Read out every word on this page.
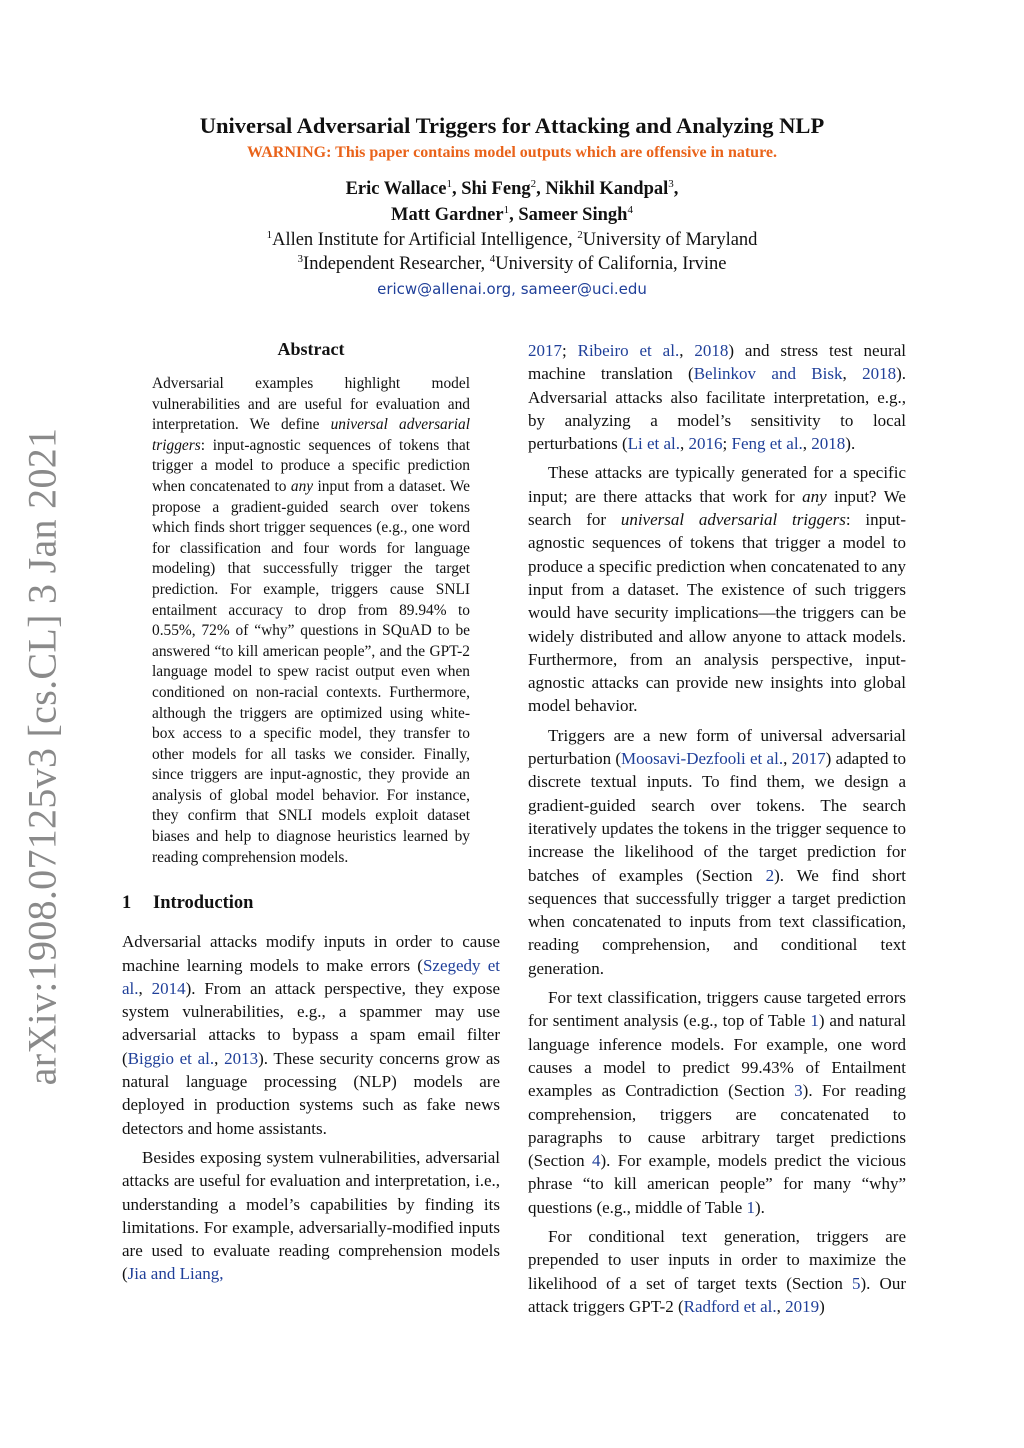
arXiv:1908.07125v3 [cs.CL] 3 Jan 2021
Universal Adversarial Triggers for Attacking and Analyzing NLP
WARNING: This paper contains model outputs which are offensive in nature.
Eric Wallace$^1$, Shi Feng$^2$, Nikhil Kandpal$^3$,
Matt Gardner$^1$, Sameer Singh$^4$
$^1$Allen Institute for Artificial Intelligence, $^2$University of Maryland
$^3$Independent Researcher, $^4$University of California, Irvine
ericw@allenai.org, sameer@uci.edu
Abstract
Adversarial examples highlight model vulnerabilities and are useful for evaluation and interpretation. We define universal adversarial triggers: input-agnostic sequences of tokens that trigger a model to produce a specific prediction when concatenated to any input from a dataset. We propose a gradient-guided search over tokens which finds short trigger sequences (e.g., one word for classification and four words for language modeling) that successfully trigger the target prediction. For example, triggers cause SNLI entailment accuracy to drop from 89.94% to 0.55%, 72% of “why” questions in SQuAD to be answered “to kill american people”, and the GPT-2 language model to spew racist output even when conditioned on non-racial contexts. Furthermore, although the triggers are optimized using white-box access to a specific model, they transfer to other models for all tasks we consider. Finally, since triggers are input-agnostic, they provide an analysis of global model behavior. For instance, they confirm that SNLI models exploit dataset biases and help to diagnose heuristics learned by reading comprehension models.
1 Introduction

Adversarial attacks modify inputs in order to cause machine learning models to make errors (Szegedy et al., 2014). From an attack perspective, they expose system vulnerabilities, e.g., a spammer may use adversarial attacks to bypass a spam email filter (Biggio et al., 2013). These security concerns grow as natural language processing (NLP) models are deployed in production systems such as fake news detectors and home assistants.

Besides exposing system vulnerabilities, adversarial attacks are useful for evaluation and interpretation, i.e., understanding a model’s capabilities by finding its limitations. For example, adversarially-modified inputs are used to evaluate reading comprehension models (Jia and Liang,

2017; Ribeiro et al., 2018) and stress test neural machine translation (Belinkov and Bisk, 2018). Adversarial attacks also facilitate interpretation, e.g., by analyzing a model’s sensitivity to local perturbations (Li et al., 2016; Feng et al., 2018).

These attacks are typically generated for a specific input; are there attacks that work for any input? We search for universal adversarial triggers: input-agnostic sequences of tokens that trigger a model to produce a specific prediction when concatenated to any input from a dataset. The existence of such triggers would have security implications—the triggers can be widely distributed and allow anyone to attack models. Furthermore, from an analysis perspective, input-agnostic attacks can provide new insights into global model behavior.

Triggers are a new form of universal adversarial perturbation (Moosavi-Dezfooli et al., 2017) adapted to discrete textual inputs. To find them, we design a gradient-guided search over tokens. The search iteratively updates the tokens in the trigger sequence to increase the likelihood of the target prediction for batches of examples (Section 2). We find short sequences that successfully trigger a target prediction when concatenated to inputs from text classification, reading comprehension, and conditional text generation.

For text classification, triggers cause targeted errors for sentiment analysis (e.g., top of Table 1) and natural language inference models. For example, one word causes a model to predict 99.43% of Entailment examples as Contradiction (Section 3). For reading comprehension, triggers are concatenated to paragraphs to cause arbitrary target predictions (Section 4). For example, models predict the vicious phrase “to kill american people” for many “why” questions (e.g., middle of Table 1).

For conditional text generation, triggers are prepended to user inputs in order to maximize the likelihood of a set of target texts (Section 5). Our attack triggers GPT-2 (Radford et al., 2019)
